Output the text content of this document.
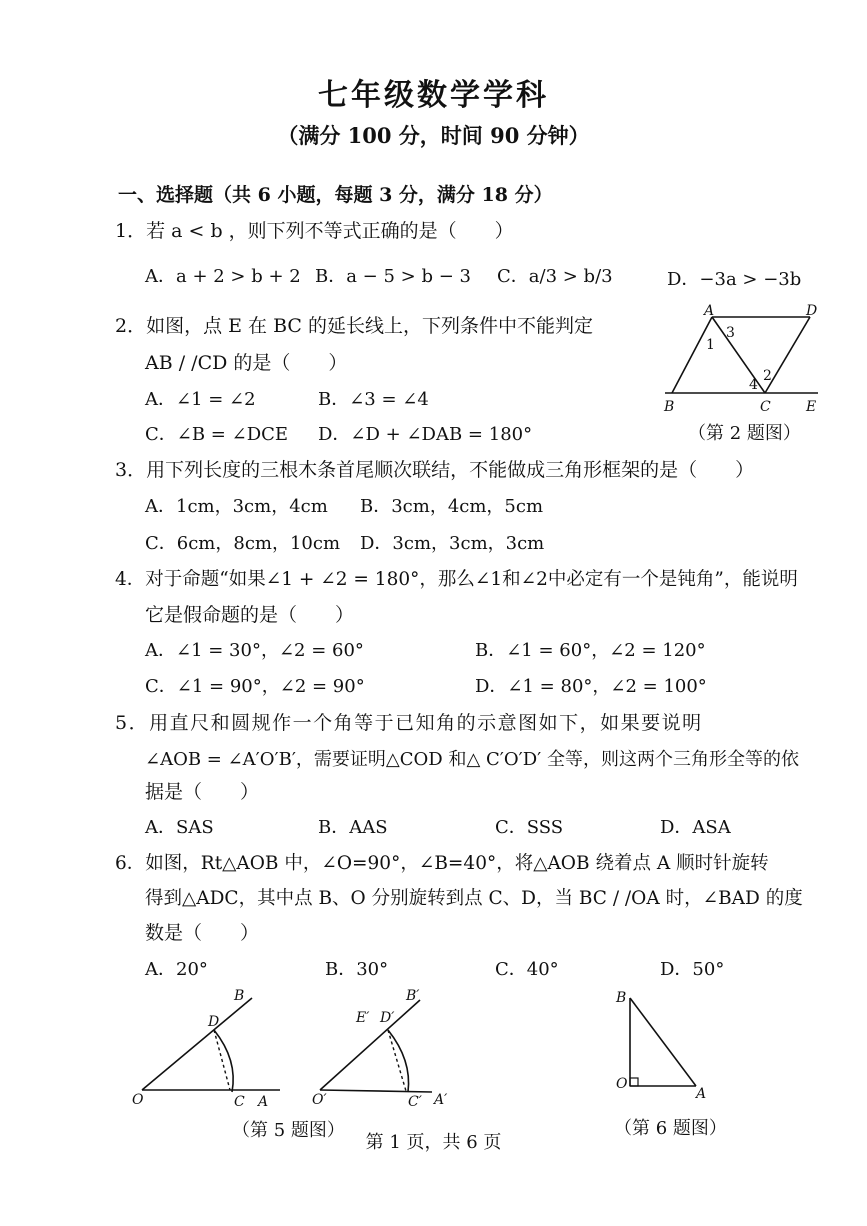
七年级数学学科
（满分 100 分，时间 90 分钟）
一、选择题（共 6 小题，每题 3 分，满分 18 分）
1．若 a < b ，则下列不等式正确的是（　　）
A．a + 2 > b + 2 B．a − 5 > b − 3 C．a/3 > b/3	D．−3a > −3b
2．如图，点 E 在 BC 的延长线上，下列条件中不能判定
AB / /CD 的是（　　）
A．∠1 = ∠2	B．∠3 = ∠4
C．∠B = ∠DCE D．∠D + ∠DAB = 180°
A	D
1
3
4
2
B	C	E
（第 2 题图）
3．用下列长度的三根木条首尾顺次联结，不能做成三角形框架的是（　　）
A．1cm，3cm，4cm B．3cm，4cm，5cm
C．6cm，8cm，10cm D．3cm，3cm，3cm
4．对于命题“如果∠1 + ∠2 = 180°，那么∠1和∠2中必定有一个是钝角”，能说明
它是假命题的是（　　）
A．∠1 = 30°，∠2 = 60°	B．∠1 = 60°，∠2 = 120°
C．∠1 = 90°，∠2 = 90°	D．∠1 = 80°，∠2 = 100°
5．用直尺和圆规作一个角等于已知角的示意图如下，如果要说明
∠AOB = ∠A′O′B′，需要证明△COD 和△ C′O′D′ 全等，则这两个三角形全等的依
据是（　　）
A．SAS	B．AAS	C．SSS	D．ASA
6．如图，Rt△AOB 中，∠O=90°，∠B=40°，将△AOB 绕着点 A 顺时针旋转
得到△ADC，其中点 B、O 分别旋转到点 C、D，当 BC / /OA 时，∠BAD 的度
数是（　　）
A．20°	B．30°	C．40°	D．50°
B
D
O	C A
（第 5 题图）
B′
E′ D′
O′	C′ A′
B
O
A
（第 6 题图）
第 1 页，共 6 页
